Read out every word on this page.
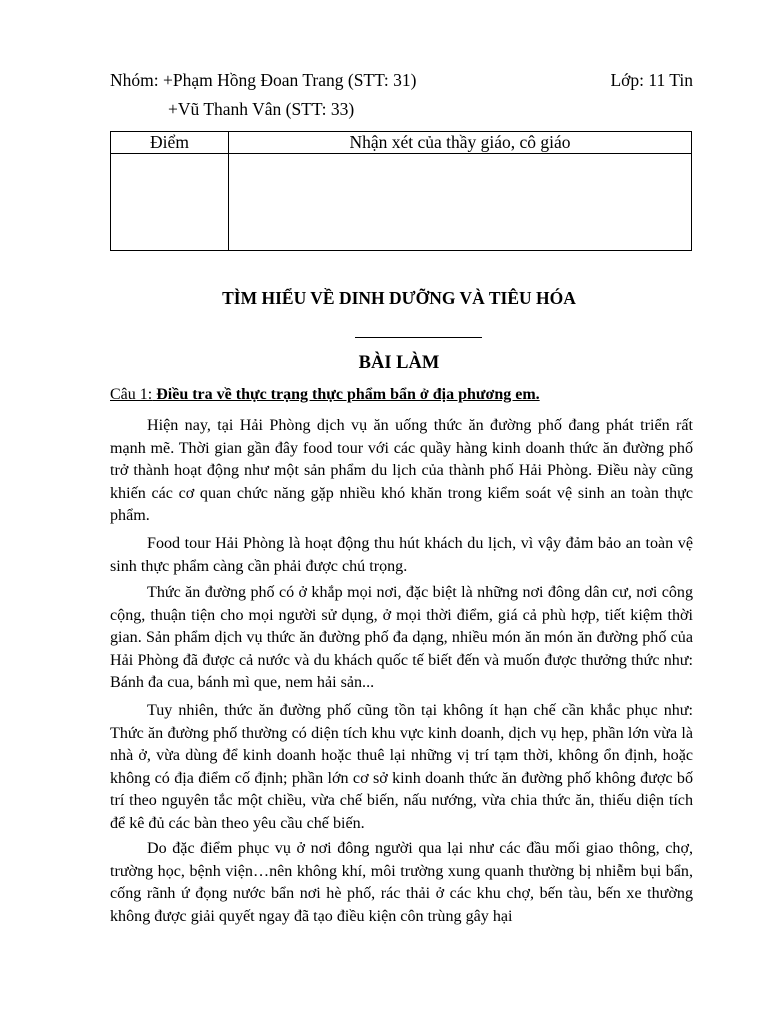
Nhóm: +Phạm Hồng Đoan Trang (STT: 31)	Lớp: 11 Tin
+Vũ Thanh Vân (STT: 33)
Điểm	Nhận xét của thầy giáo, cô giáo

TÌM HIỂU VỀ DINH DƯỠNG VÀ TIÊU HÓA
BÀI LÀM
Câu 1: Điều tra về thực trạng thực phẩm bẩn ở địa phương em.

Hiện nay, tại Hải Phòng dịch vụ ăn uống thức ăn đường phố đang phát triển rất mạnh mẽ. Thời gian gần đây food tour với các quầy hàng kinh doanh thức ăn đường phố trở thành hoạt động như một sản phẩm du lịch của thành phố Hải Phòng. Điều này cũng khiến các cơ quan chức năng gặp nhiều khó khăn trong kiểm soát vệ sinh an toàn thực phẩm.

Food tour Hải Phòng là hoạt động thu hút khách du lịch, vì vậy đảm bảo an toàn vệ sinh thực phẩm càng cần phải được chú trọng.

Thức ăn đường phố có ở khắp mọi nơi, đặc biệt là những nơi đông dân cư, nơi công cộng, thuận tiện cho mọi người sử dụng, ở mọi thời điểm, giá cả phù hợp, tiết kiệm thời gian. Sản phẩm dịch vụ thức ăn đường phố đa dạng, nhiều món ăn món ăn đường phố của Hải Phòng đã được cả nước và du khách quốc tế biết đến và muốn được thưởng thức như: Bánh đa cua, bánh mì que, nem hải sản...

Tuy nhiên, thức ăn đường phố cũng tồn tại không ít hạn chế cần khắc phục như: Thức ăn đường phố thường có diện tích khu vực kinh doanh, dịch vụ hẹp, phần lớn vừa là nhà ở, vừa dùng để kinh doanh hoặc thuê lại những vị trí tạm thời, không ổn định, hoặc không có địa điểm cố định; phần lớn cơ sở kinh doanh thức ăn đường phố không được bố trí theo nguyên tắc một chiều, vừa chế biến, nấu nướng, vừa chia thức ăn, thiếu diện tích để kê đủ các bàn theo yêu cầu chế biến.

Do đặc điểm phục vụ ở nơi đông người qua lại như các đầu mối giao thông, chợ, trường học, bệnh viện…nên không khí, môi trường xung quanh thường bị nhiễm bụi bẩn, cống rãnh ứ đọng nước bẩn nơi hè phố, rác thải ở các khu chợ, bến tàu, bến xe thường không được giải quyết ngay đã tạo điều kiện côn trùng gây hại
